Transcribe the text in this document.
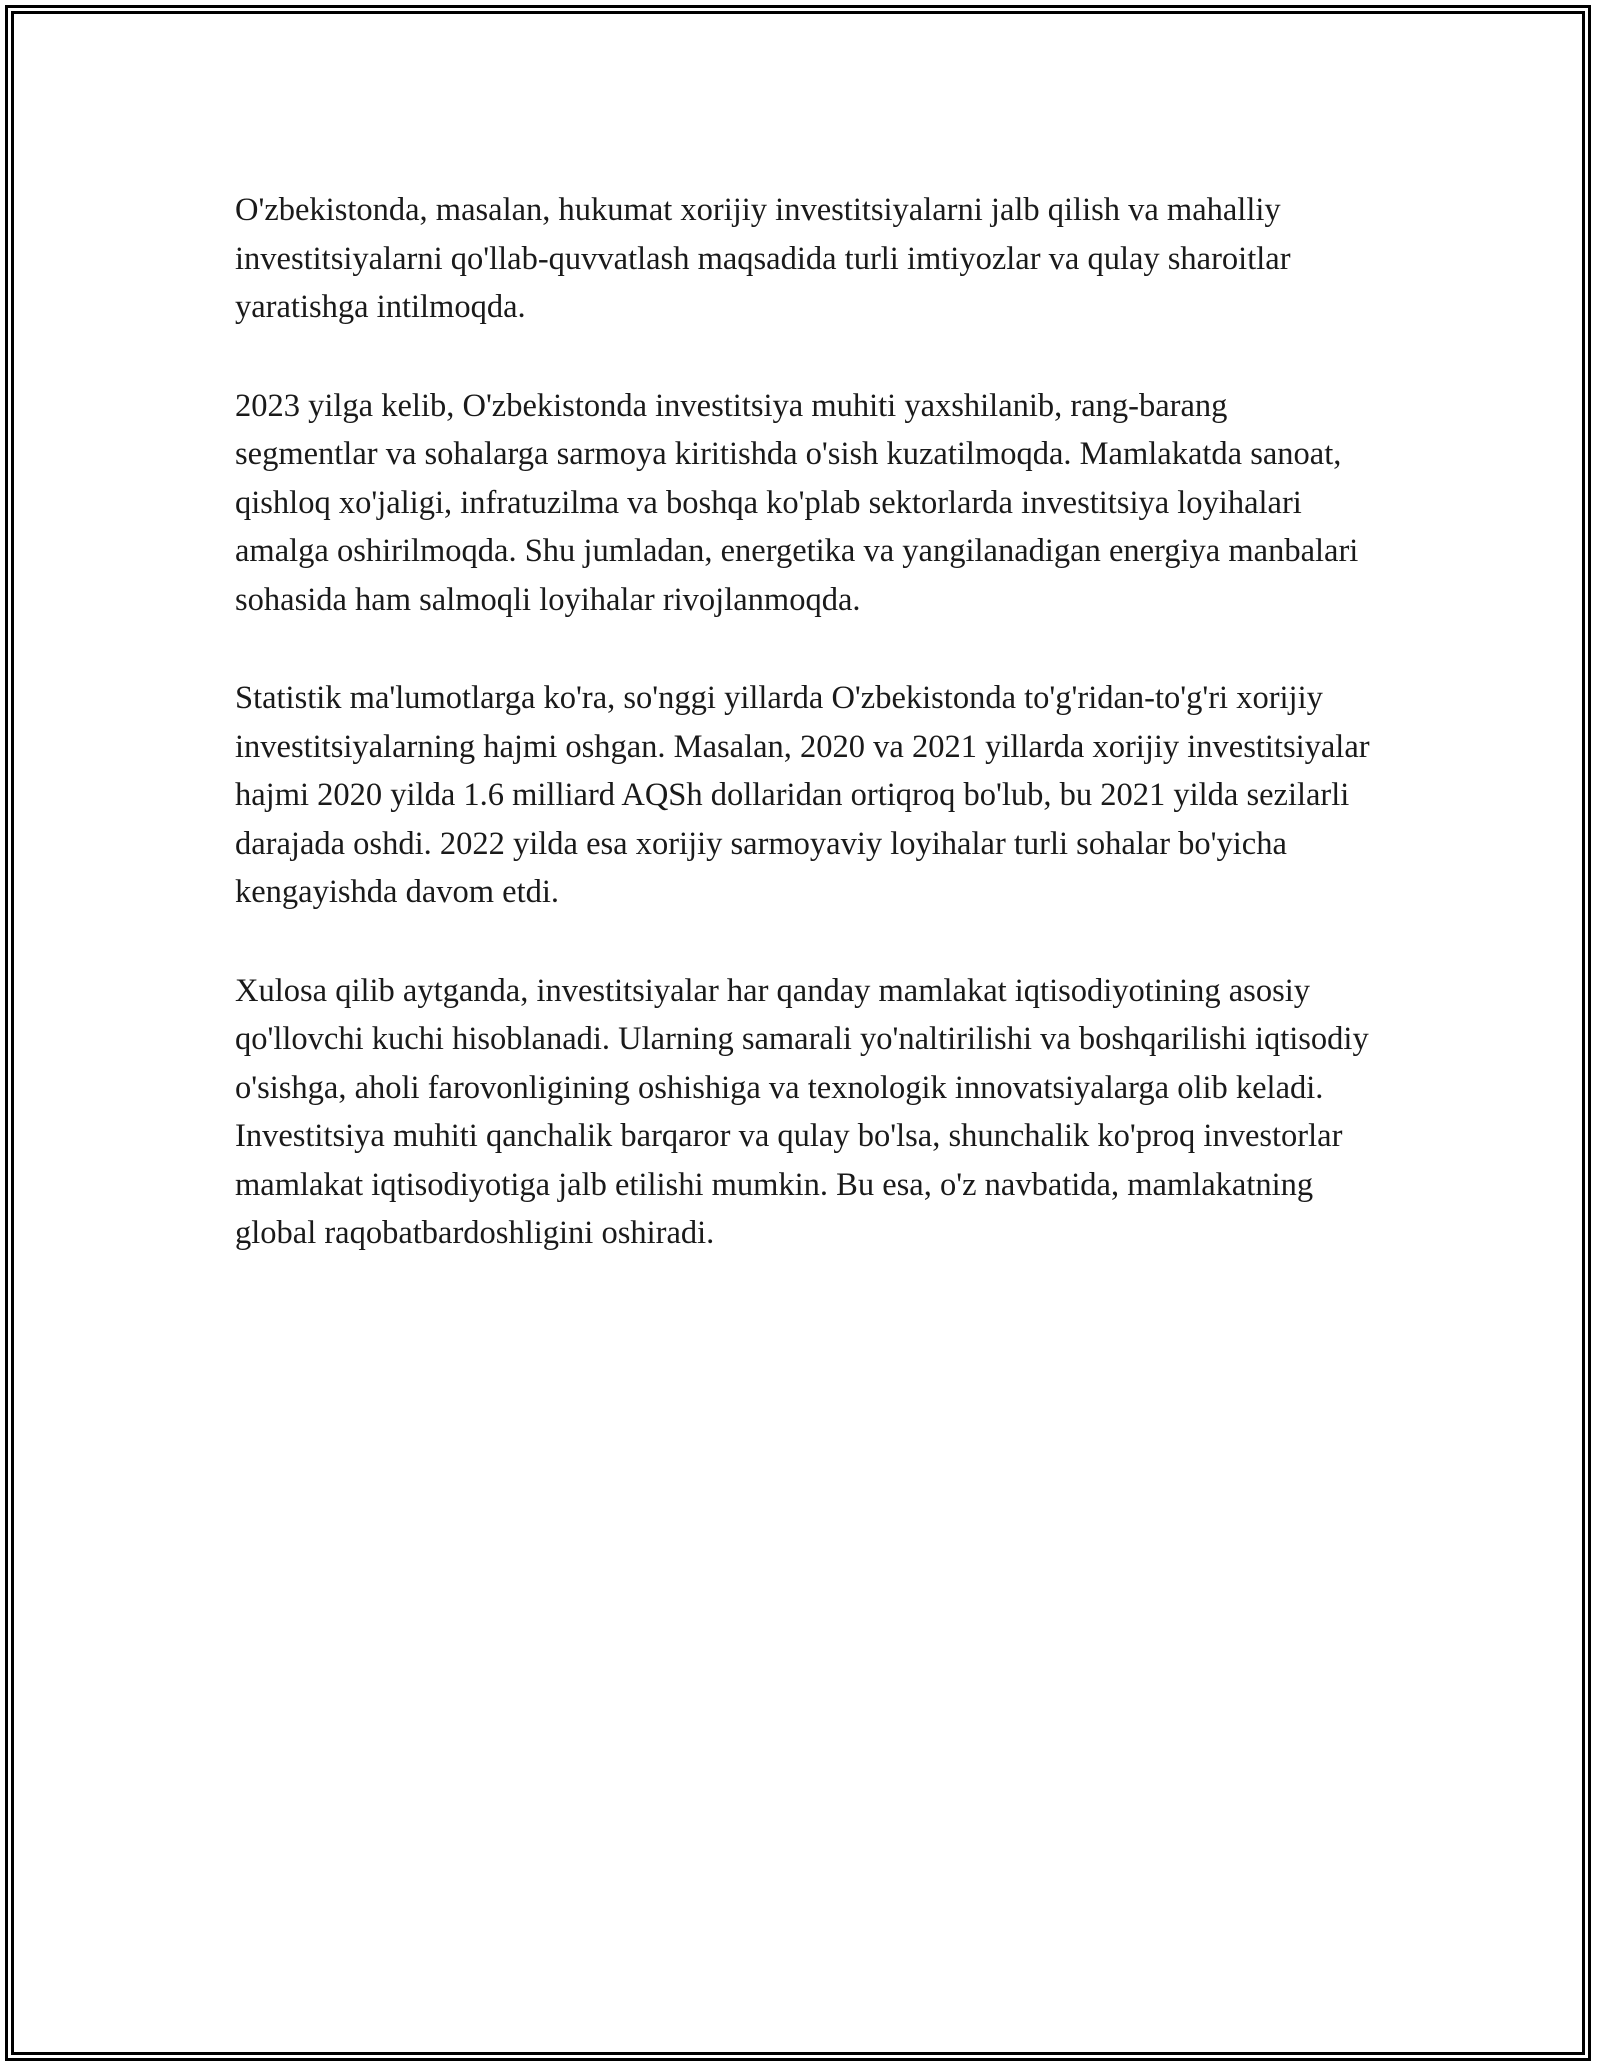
O'zbekistonda, masalan, hukumat xorijiy investitsiyalarni jalb qilish va mahalliy investitsiyalarni qo'llab-quvvatlash maqsadida turli imtiyozlar va qulay sharoitlar yaratishga intilmoqda.

2023 yilga kelib, O'zbekistonda investitsiya muhiti yaxshilanib, rang-barang segmentlar va sohalarga sarmoya kiritishda o'sish kuzatilmoqda. Mamlakatda sanoat, qishloq xo'jaligi, infratuzilma va boshqa ko'plab sektorlarda investitsiya loyihalari amalga oshirilmoqda. Shu jumladan, energetika va yangilanadigan energiya manbalari sohasida ham salmoqli loyihalar rivojlanmoqda.

Statistik ma'lumotlarga ko'ra, so'nggi yillarda O'zbekistonda to'g'ridan-to'g'ri xorijiy investitsiyalarning hajmi oshgan. Masalan, 2020 va 2021 yillarda xorijiy investitsiyalar hajmi 2020 yilda 1.6 milliard AQSh dollaridan ortiqroq bo'lub, bu 2021 yilda sezilarli darajada oshdi. 2022 yilda esa xorijiy sarmoyaviy loyihalar turli sohalar bo'yicha kengayishda davom etdi.

Xulosa qilib aytganda, investitsiyalar har qanday mamlakat iqtisodiyotining asosiy qo'llovchi kuchi hisoblanadi. Ularning samarali yo'naltirilishi va boshqarilishi iqtisodiy o'sishga, aholi farovonligining oshishiga va texnologik innovatsiyalarga olib keladi. Investitsiya muhiti qanchalik barqaror va qulay bo'lsa, shunchalik ko'proq investorlar mamlakat iqtisodiyotiga jalb etilishi mumkin. Bu esa, o'z navbatida, mamlakatning global raqobatbardoshligini oshiradi.
